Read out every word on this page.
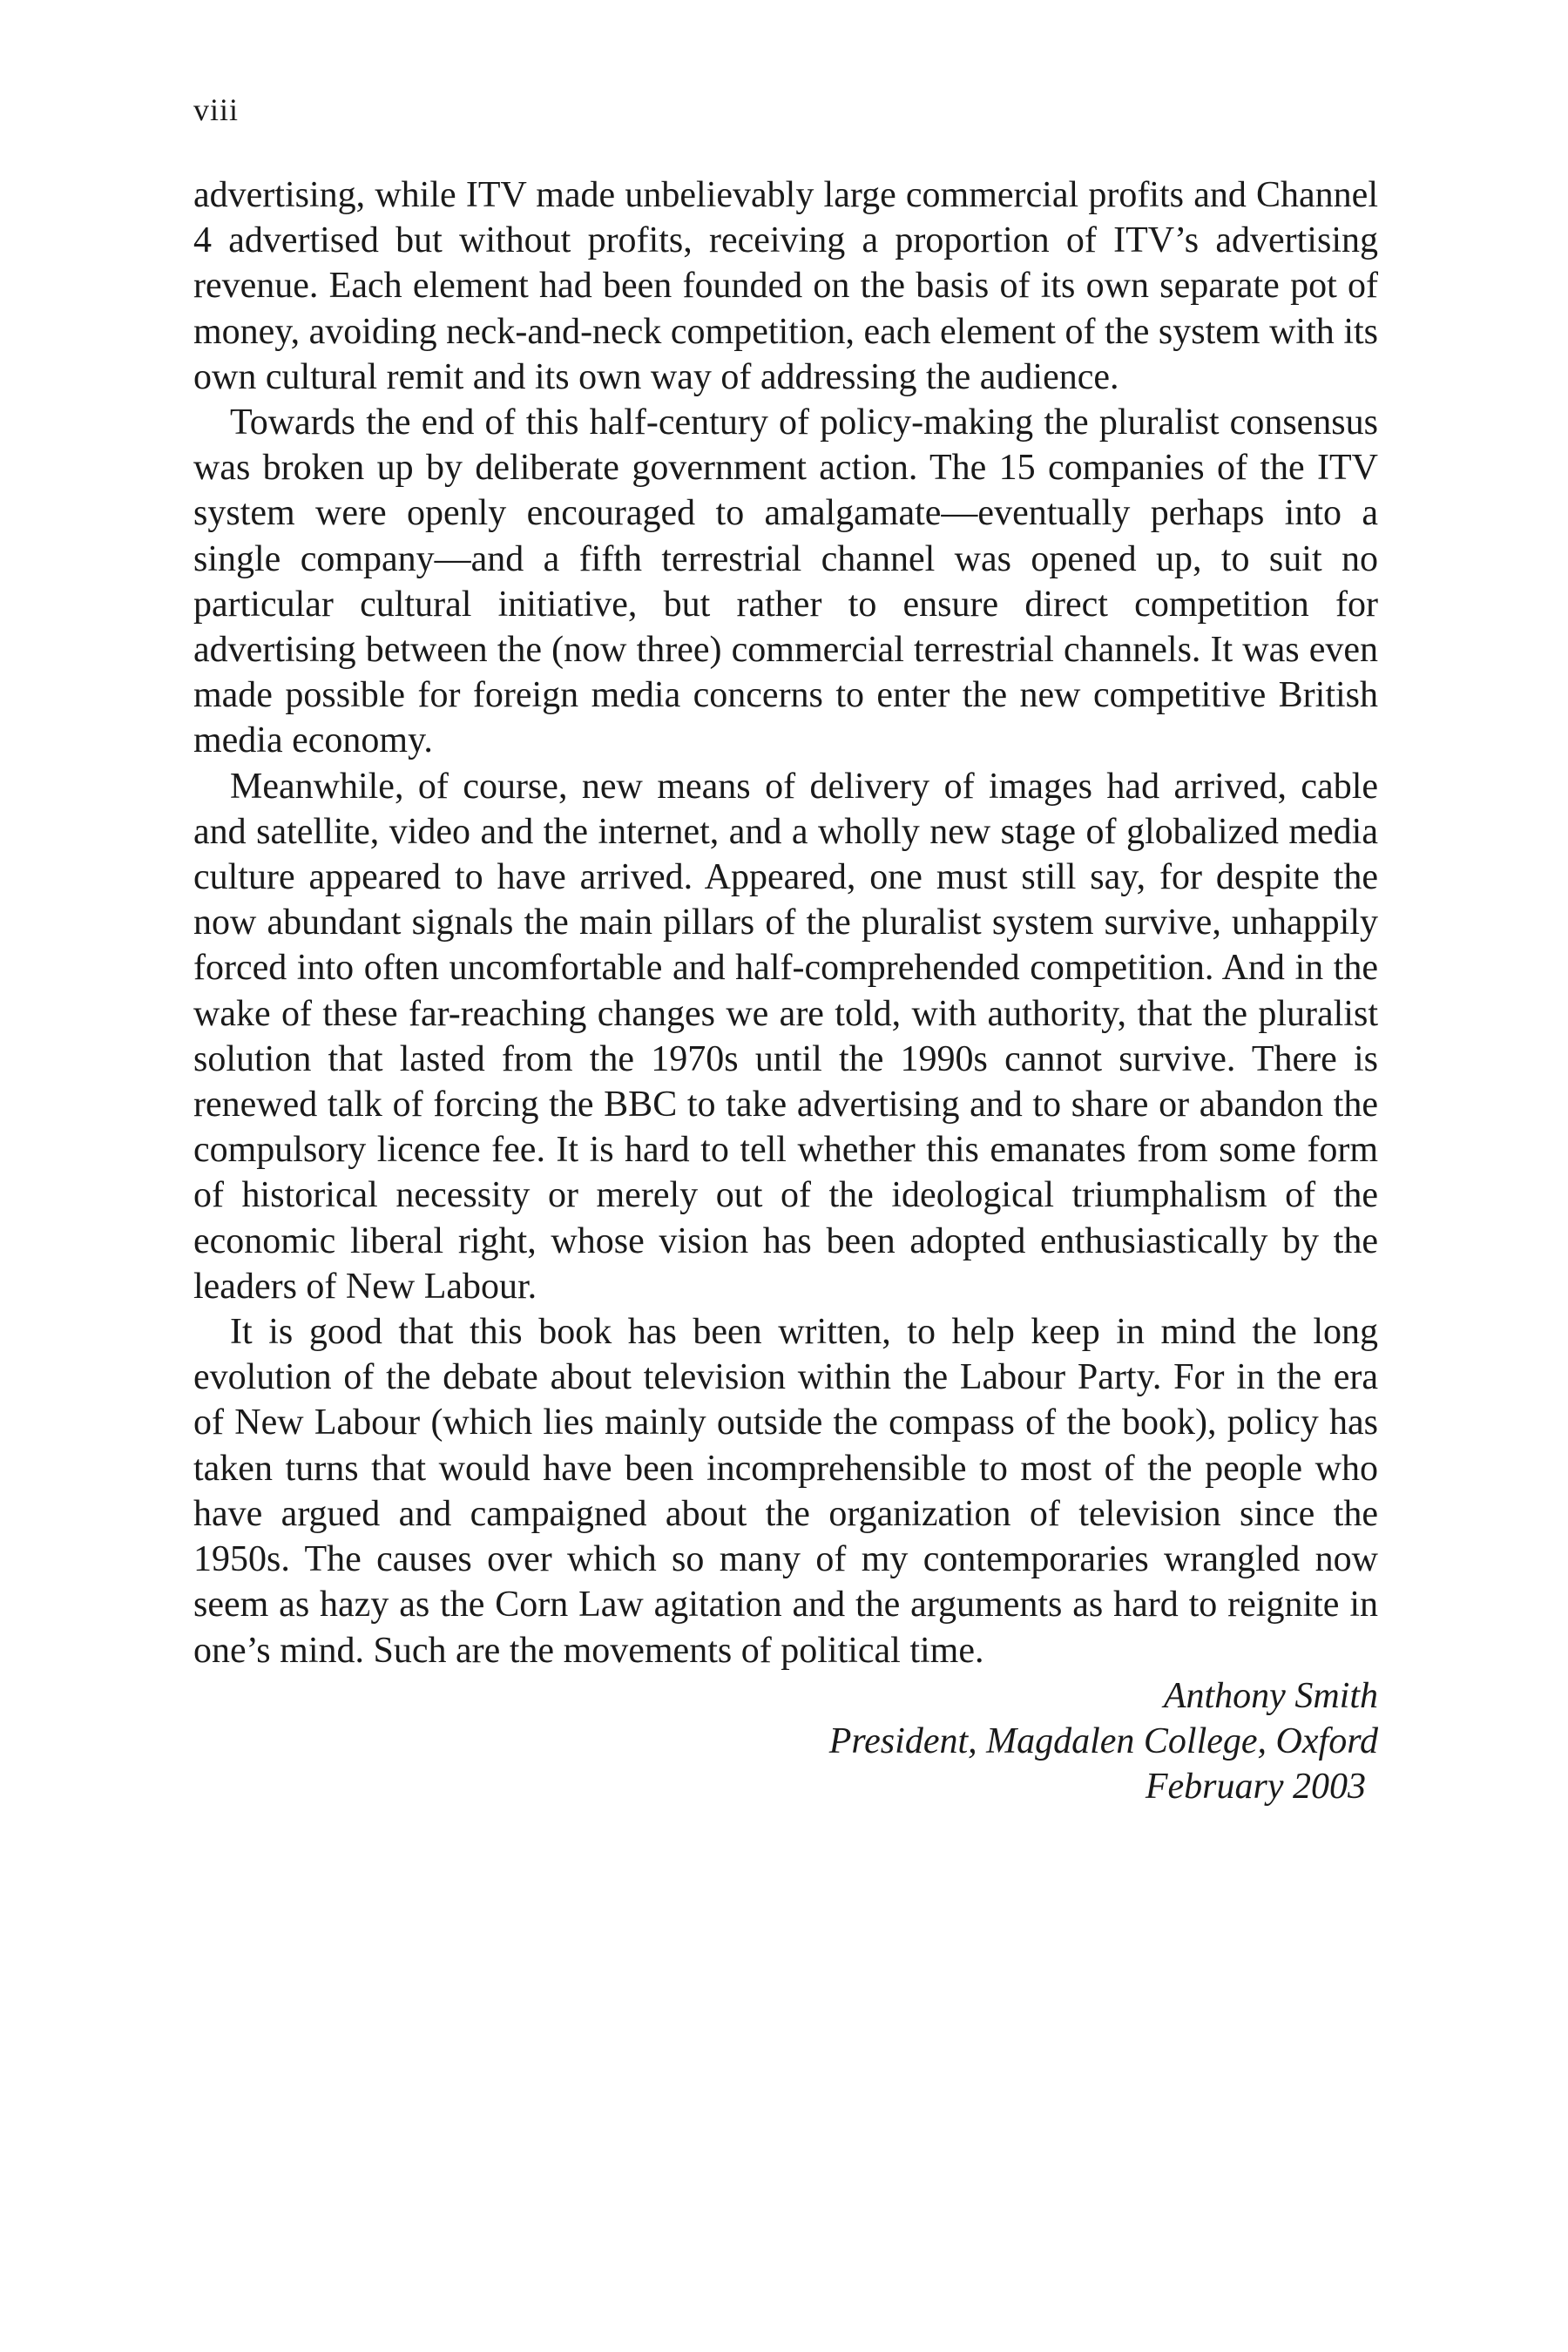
viii

advertising, while ITV made unbelievably large commercial profits and Channel 4 advertised but without profits, receiving a proportion of ITV’s advertising revenue. Each element had been founded on the basis of its own separate pot of money, avoiding neck-and-neck competition, each element of the system with its own cultural remit and its own way of addressing the audience.

Towards the end of this half-century of policy-making the pluralist consensus was broken up by deliberate government action. The 15 companies of the ITV system were openly encouraged to amalgamate—eventually perhaps into a single company—and a fifth terrestrial channel was opened up, to suit no particular cultural initiative, but rather to ensure direct competition for advertising between the (now three) commercial terrestrial channels. It was even made possible for foreign media concerns to enter the new competitive British media economy.

Meanwhile, of course, new means of delivery of images had arrived, cable and satellite, video and the internet, and a wholly new stage of globalized media culture appeared to have arrived. Appeared, one must still say, for despite the now abundant signals the main pillars of the pluralist system survive, unhappily forced into often uncomfortable and half-comprehended competition. And in the wake of these far-reaching changes we are told, with authority, that the pluralist solution that lasted from the 1970s until the 1990s cannot survive. There is renewed talk of forcing the BBC to take advertising and to share or abandon the compulsory licence fee. It is hard to tell whether this emanates from some form of historical necessity or merely out of the ideological triumphalism of the economic liberal right, whose vision has been adopted enthusiastically by the leaders of New Labour.

It is good that this book has been written, to help keep in mind the long evolution of the debate about television within the Labour Party. For in the era of New Labour (which lies mainly outside the compass of the book), policy has taken turns that would have been incomprehensible to most of the people who have argued and campaigned about the organization of television since the 1950s. The causes over which so many of my contemporaries wrangled now seem as hazy as the Corn Law agitation and the arguments as hard to reignite in one’s mind. Such are the movements of political time.

Anthony Smith
President, Magdalen College, Oxford
February 2003
